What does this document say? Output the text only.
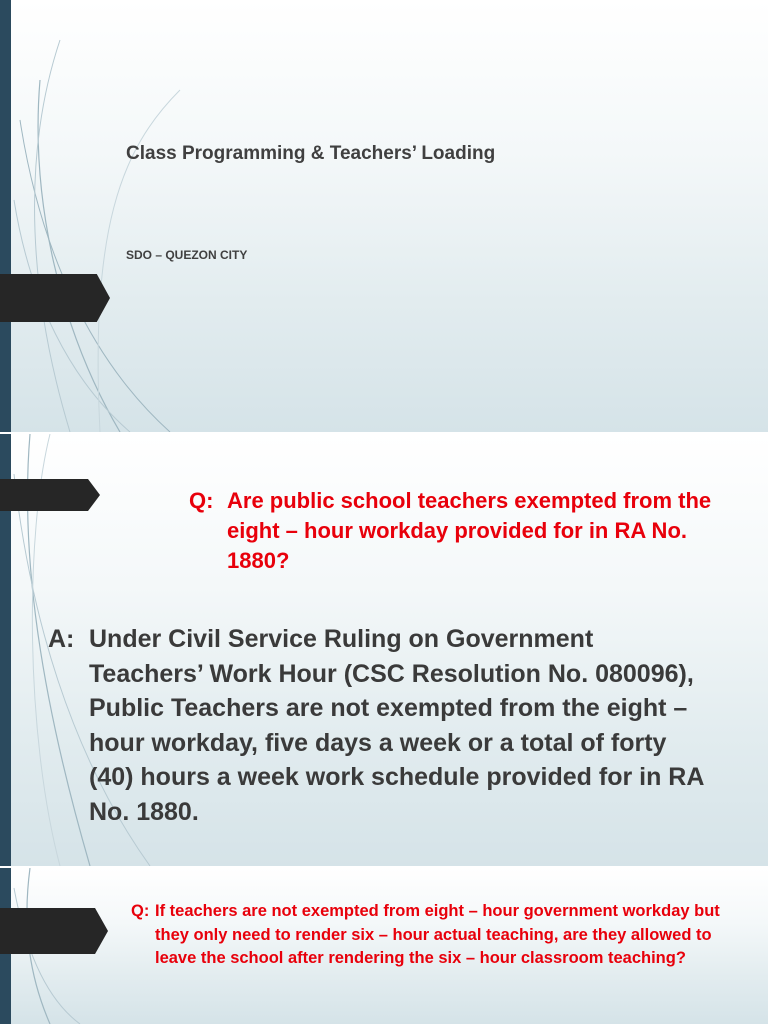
Class Programming & Teachers’ Loading
SDO – QUEZON CITY
Q: Are public school teachers exempted from the eight – hour workday provided for in RA No. 1880?
A: Under Civil Service Ruling on Government Teachers’ Work Hour (CSC Resolution No. 080096), Public Teachers are not exempted from the eight – hour workday, five days a week or a total of forty (40) hours a week work schedule provided for in RA No. 1880.
Q: If teachers are not exempted from eight – hour government workday but they only need to render six – hour actual teaching, are they allowed to leave the school after rendering the six – hour classroom teaching?
